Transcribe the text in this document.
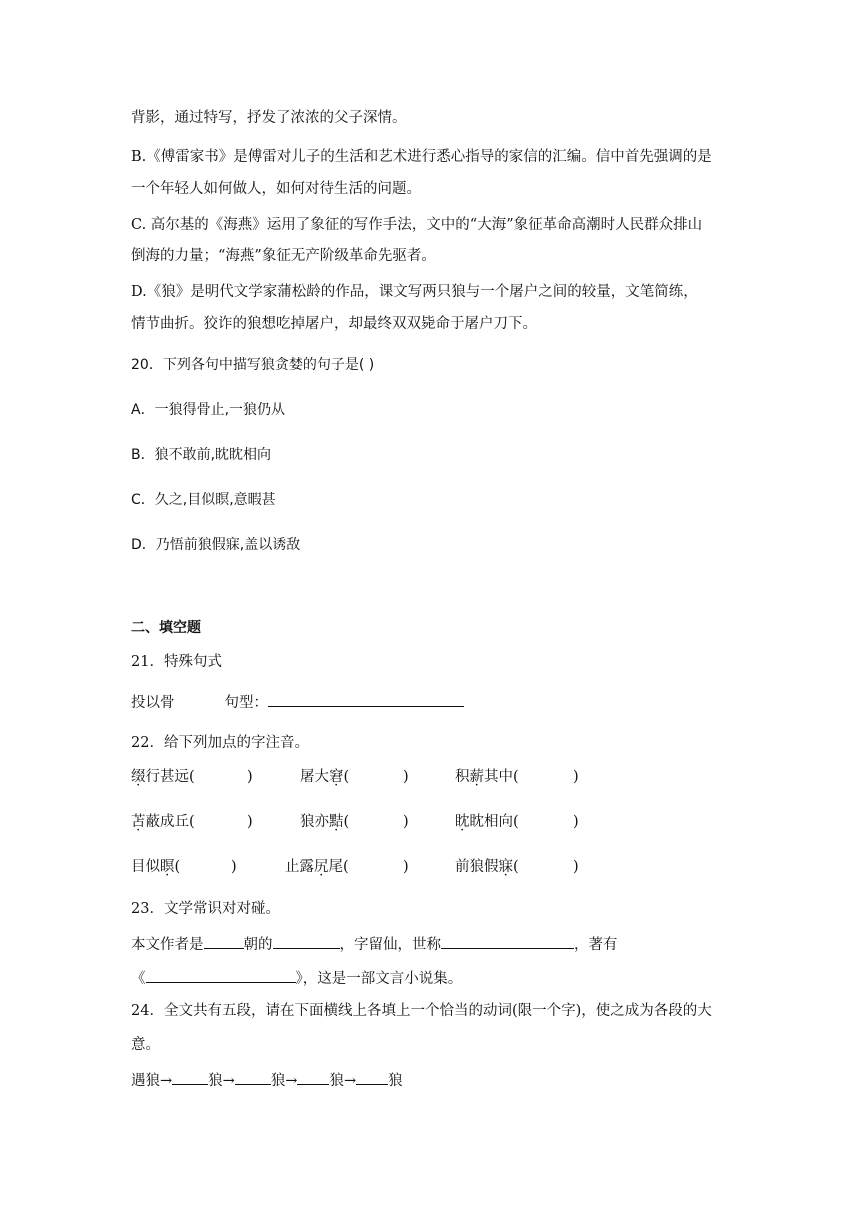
背影，通过特写，抒发了浓浓的父子深情。
B.《傅雷家书》是傅雷对儿子的生活和艺术进行悉心指导的家信的汇编。信中首先强调的是
一个年轻人如何做人，如何对待生活的问题。
C. 高尔基的《海燕》运用了象征的写作手法，文中的“大海”象征革命高潮时人民群众排山
倒海的力量；“海燕”象征无产阶级革命先驱者。
D.《狼》是明代文学家蒲松龄的作品，课文写两只狼与一个屠户之间的较量，文笔简练，
情节曲折。狡诈的狼想吃掉屠户，却最终双双毙命于屠户刀下。
20．下列各句中描写狼贪婪的句子是( )
A．一狼得骨止,一狼仍从
B．狼不敢前,眈眈相向
C．久之,目似瞑,意暇甚
D．乃悟前狼假寐,盖以诱敌
二、填空题
21．特殊句式
投以骨	句型：
22．给下列加点的字注音。
缀行甚远(	)	屠大窘(	)	积薪其中(	)
苫蔽成丘(	)	狼亦黠(	)	眈眈相向(	)
目似瞑(	)	止露尻尾(	)	前狼假寐(	)
23．文学常识对对碰。
本文作者是	朝的	，字留仙，世称	，著有
《	》，这是一部文言小说集。
24．全文共有五段，请在下面横线上各填上一个恰当的动词(限一个字)，使之成为各段的大
意。
遇狼→ 狼→ 狼→ 狼→ 狼
